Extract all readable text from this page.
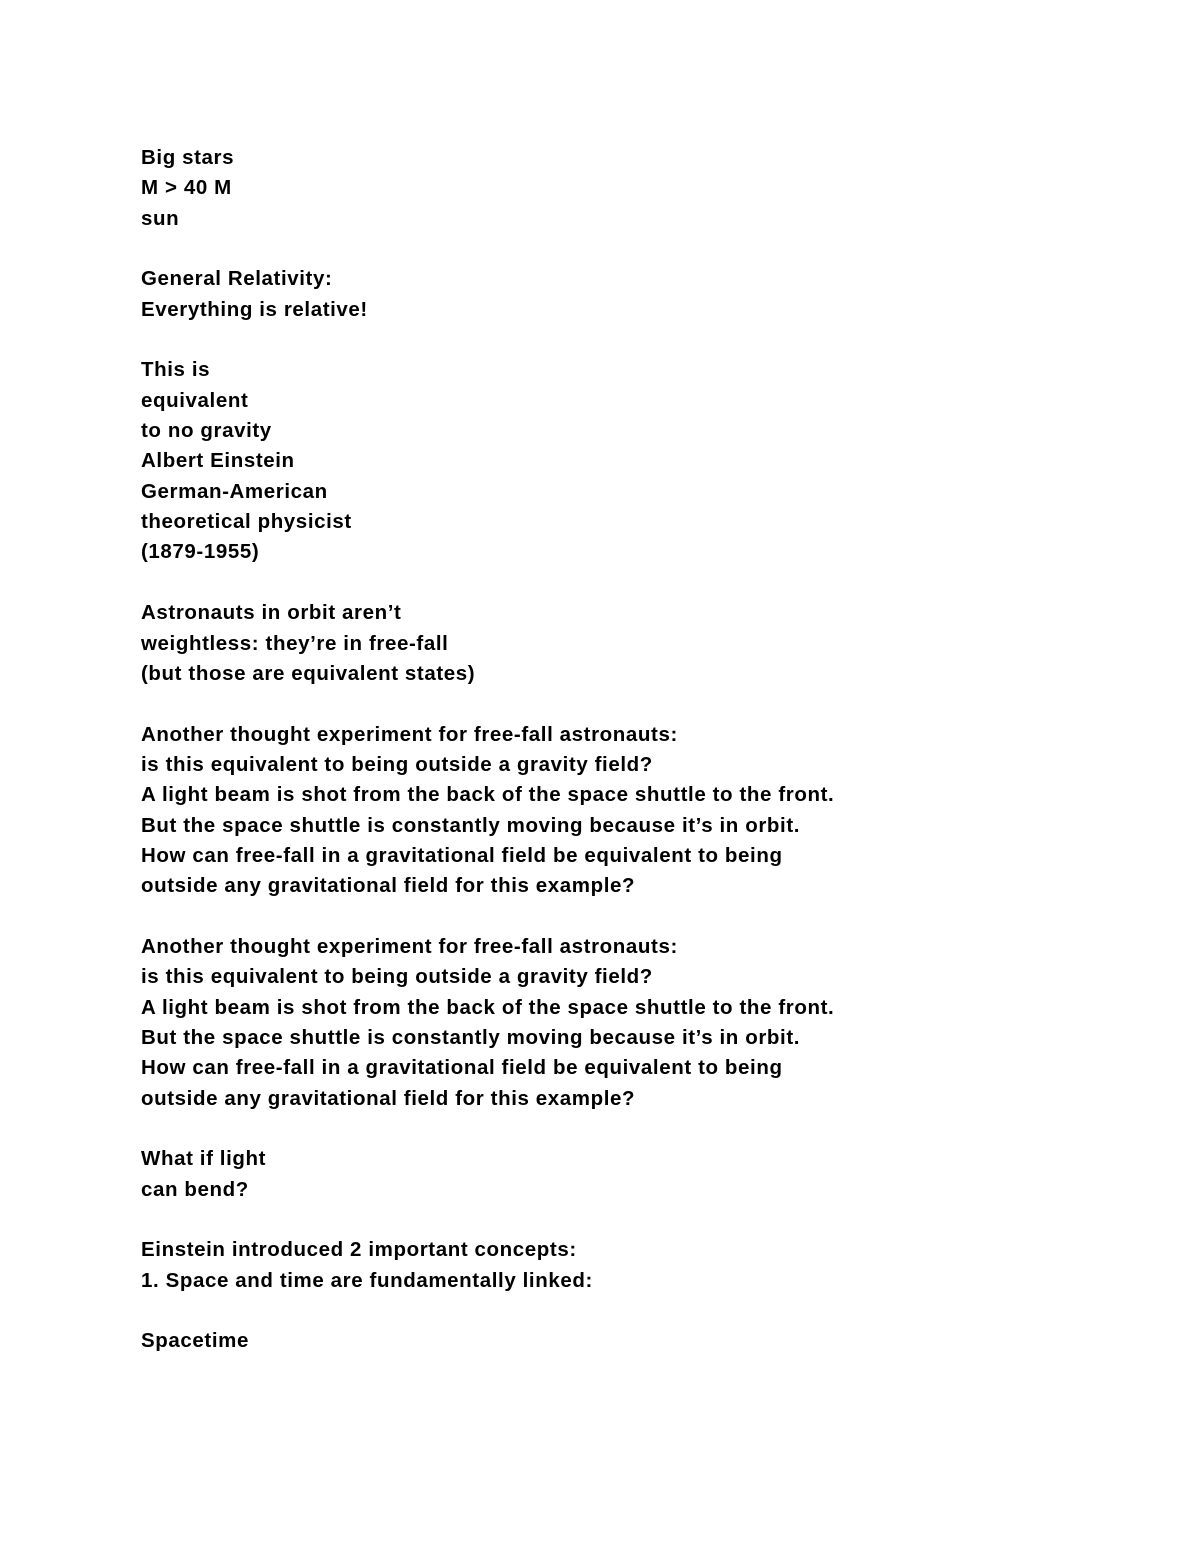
Big stars
M > 40 M
sun
General Relativity:
Everything is relative!
This is
equivalent
to no gravity
Albert Einstein
German-American
theoretical physicist
(1879-1955)
Astronauts in orbit aren’t
weightless: they’re in free-fall
(but those are equivalent states)
Another thought experiment for free-fall astronauts:
is this equivalent to being outside a gravity field?
A light beam is shot from the back of the space shuttle to the front.
But the space shuttle is constantly moving because it’s in orbit.
How can free-fall in a gravitational field be equivalent to being
outside any gravitational field for this example?
Another thought experiment for free-fall astronauts:
is this equivalent to being outside a gravity field?
A light beam is shot from the back of the space shuttle to the front.
But the space shuttle is constantly moving because it’s in orbit.
How can free-fall in a gravitational field be equivalent to being
outside any gravitational field for this example?
What if light
can bend?
Einstein introduced 2 important concepts:
1. Space and time are fundamentally linked:
Spacetime
